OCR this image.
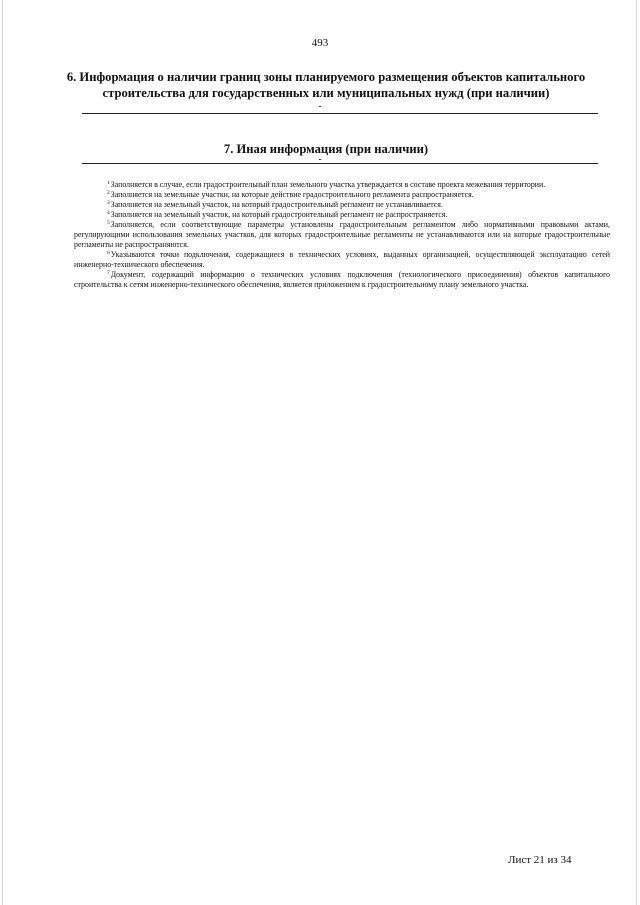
493
6. Информация о наличии границ зоны планируемого размещения объектов капитального строительства для государственных или муниципальных нужд (при наличии)
-
7. Иная информация (при наличии)
-

$^1$Заполняется в случае, если градостроительный план земельного участка утверждается в составе проекта межевания территории.

$^2$Заполняется на земельные участки, на которые действие градостроительного регламента распространяется.

$^3$Заполняется на земельный участок, на который градостроительный регламент не устанавливается.

$^4$Заполняется на земельный участок, на который градостроительный регламент не распространяется.

$^5$Заполняется, если соответствующие параметры установлены градостроительным регламентом либо нормативными правовыми актами, регулирующими использования земельных участков, для которых градостроительные регламенты не устанавливаются или на которые градостроительные регламенты не распространяются.

$^6$Указываются точки подключения, содержащиеся в технических условиях, выданных организацией, осуществляющей эксплуатацию сетей инженерно-технического обеспечения.

$^7$Документ, содержащий информацию о технических условиях подключения (технологического присоединения) объектов капитального строительства к сетям инженерно-технического обеспечения, является приложением к градостроительному плану земельного участка.

Лист 21 из 34
